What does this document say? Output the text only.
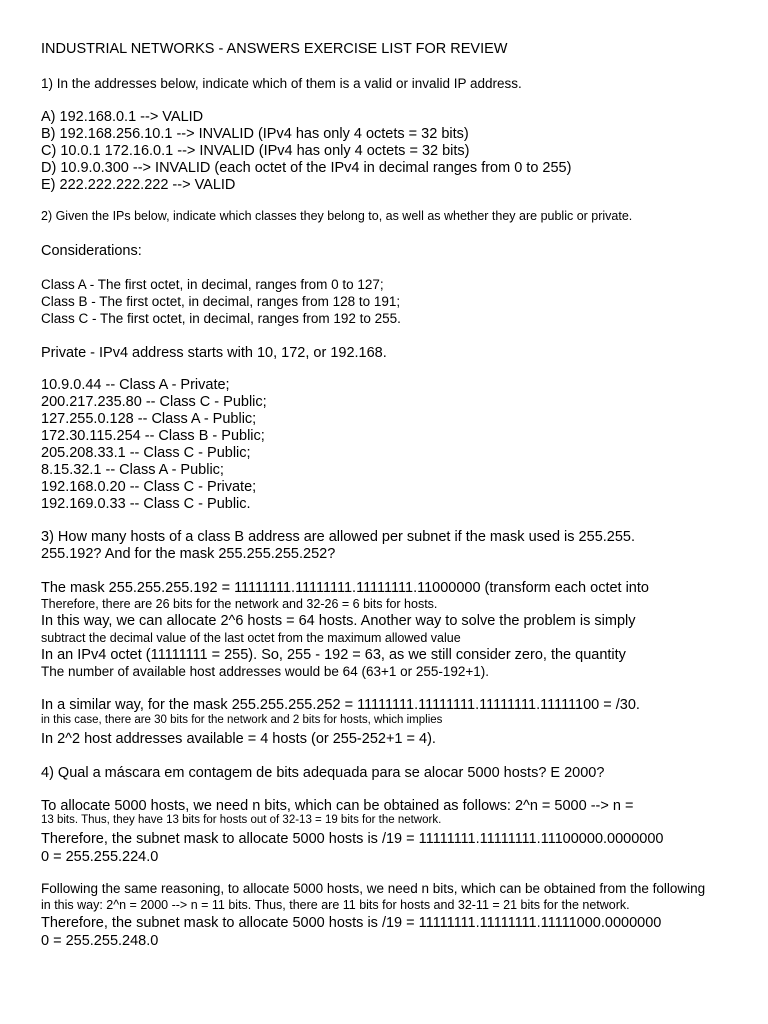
INDUSTRIAL NETWORKS - ANSWERS EXERCISE LIST FOR REVIEW
1) In the addresses below, indicate which of them is a valid or invalid IP address.
A) 192.168.0.1 --> VALID
B) 192.168.256.10.1 --> INVALID (IPv4 has only 4 octets = 32 bits)
C) 10.0.1 172.16.0.1 --> INVALID (IPv4 has only 4 octets = 32 bits)
D) 10.9.0.300 --> INVALID (each octet of the IPv4 in decimal ranges from 0 to 255)
E) 222.222.222.222 --> VALID
2) Given the IPs below, indicate which classes they belong to, as well as whether they are public or private.
Considerations:
Class A - The first octet, in decimal, ranges from 0 to 127;
Class B - The first octet, in decimal, ranges from 128 to 191;
Class C - The first octet, in decimal, ranges from 192 to 255.
Private - IPv4 address starts with 10, 172, or 192.168.
10.9.0.44 -- Class A - Private;
200.217.235.80 -- Class C - Public;
127.255.0.128 -- Class A - Public;
172.30.115.254 -- Class B - Public;
205.208.33.1 -- Class C - Public;
8.15.32.1 -- Class A - Public;
192.168.0.20 -- Class C - Private;
192.169.0.33 -- Class C - Public.
3) How many hosts of a class B address are allowed per subnet if the mask used is 255.255.
255.192? And for the mask 255.255.255.252?
The mask 255.255.255.192 = 11111111.11111111.11111111.11000000 (transform each octet into
Therefore, there are 26 bits for the network and 32-26 = 6 bits for hosts.
In this way, we can allocate 2^6 hosts = 64 hosts. Another way to solve the problem is simply
subtract the decimal value of the last octet from the maximum allowed value
In an IPv4 octet (11111111 = 255). So, 255 - 192 = 63, as we still consider zero, the quantity
The number of available host addresses would be 64 (63+1 or 255-192+1).
In a similar way, for the mask 255.255.255.252 = 11111111.11111111.11111111.11111100 = /30.
in this case, there are 30 bits for the network and 2 bits for hosts, which implies
In 2^2 host addresses available = 4 hosts (or 255-252+1 = 4).
4) Qual a máscara em contagem de bits adequada para se alocar 5000 hosts? E 2000?
To allocate 5000 hosts, we need n bits, which can be obtained as follows: 2^n = 5000 --> n =
13 bits. Thus, they have 13 bits for hosts out of 32-13 = 19 bits for the network.
Therefore, the subnet mask to allocate 5000 hosts is /19 = 11111111.11111111.11100000.0000000
0 = 255.255.224.0
Following the same reasoning, to allocate 5000 hosts, we need n bits, which can be obtained from the following
in this way: 2^n = 2000 --> n = 11 bits. Thus, there are 11 bits for hosts and 32-11 = 21 bits for the network.
Therefore, the subnet mask to allocate 5000 hosts is /19 = 11111111.11111111.11111000.0000000
0 = 255.255.248.0
